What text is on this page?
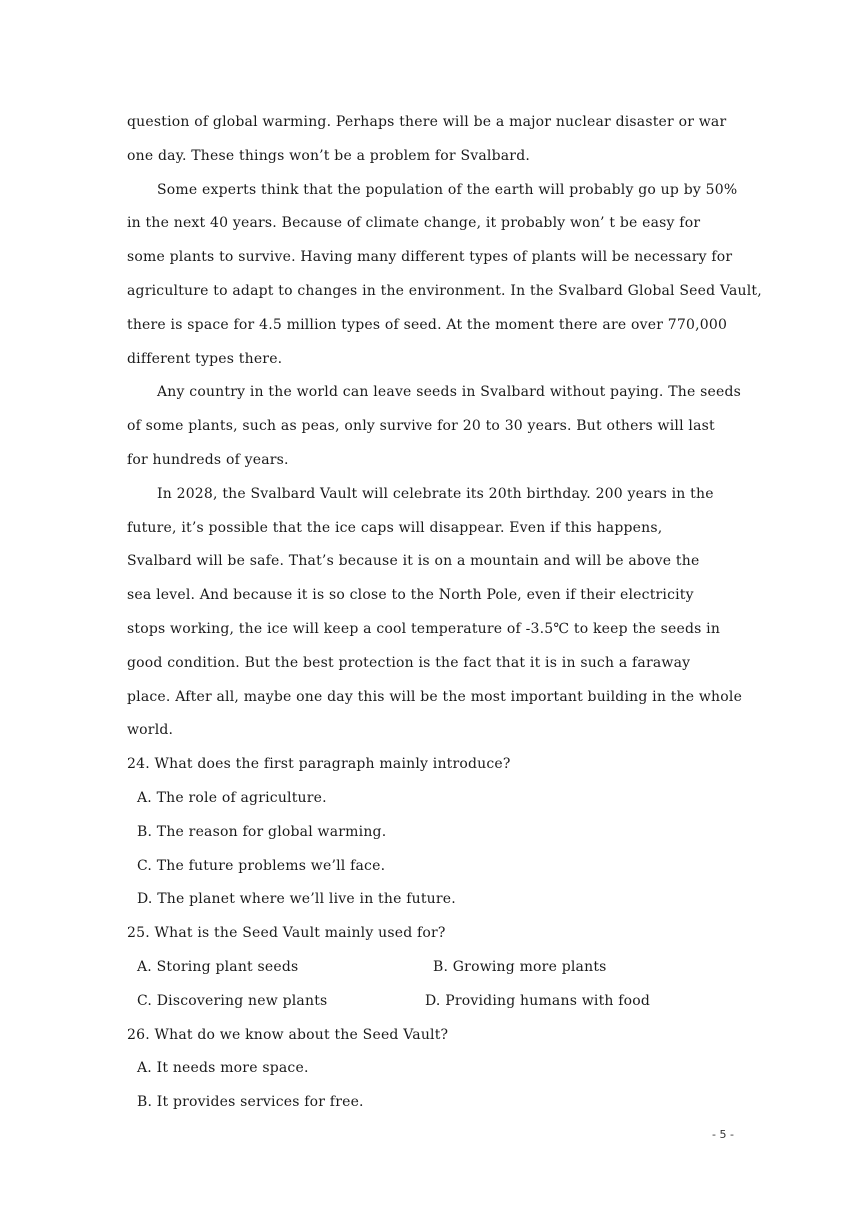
question of global warming. Perhaps there will be a major nuclear disaster or war
one day. These things won’t be a problem for Svalbard.
Some experts think that the population of the earth will probably go up by 50%
in the next 40 years. Because of climate change, it probably won’ t be easy for
some plants to survive. Having many different types of plants will be necessary for
agriculture to adapt to changes in the environment. In the Svalbard Global Seed Vault,
there is space for 4.5 million types of seed. At the moment there are over 770,000
different types there.
Any country in the world can leave seeds in Svalbard without paying. The seeds
of some plants, such as peas, only survive for 20 to 30 years. But others will last
for hundreds of years.
In 2028, the Svalbard Vault will celebrate its 20th birthday. 200 years in the
future, it’s possible that the ice caps will disappear. Even if this happens,
Svalbard will be safe. That’s because it is on a mountain and will be above the
sea level. And because it is so close to the North Pole, even if their electricity
stops working, the ice will keep a cool temperature of -3.5℃ to keep the seeds in
good condition. But the best protection is the fact that it is in such a faraway
place. After all, maybe one day this will be the most important building in the whole
world.
24. What does the first paragraph mainly introduce?
A. The role of agriculture.
B. The reason for global warming.
C. The future problems we’ll face.
D. The planet where we’ll live in the future.
25. What is the Seed Vault mainly used for?
A. Storing plant seeds	B. Growing more plants
C. Discovering new plants	D. Providing humans with food
26. What do we know about the Seed Vault?
A. It needs more space.
B. It provides services for free.
- 5 -
